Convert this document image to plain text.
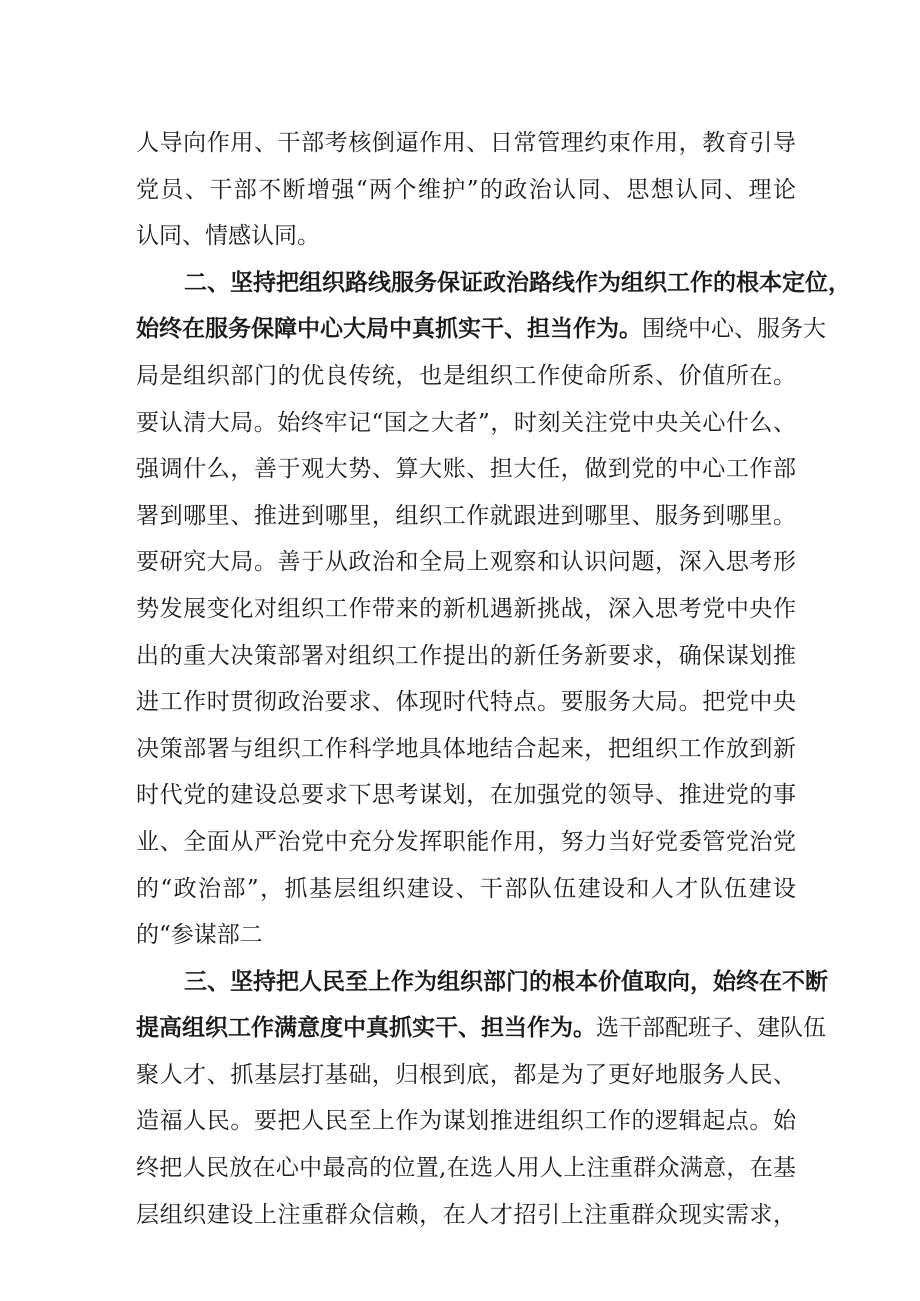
人导向作用、干部考核倒逼作用、日常管理约束作用，教育引导
党员、干部不断增强“两个维护”的政治认同、思想认同、理论
认同、情感认同。
二、坚持把组织路线服务保证政治路线作为组织工作的根本定位，
始终在服务保障中心大局中真抓实干、担当作为。围绕中心、服务大
局是组织部门的优良传统，也是组织工作使命所系、价值所在。
要认清大局。始终牢记“国之大者”，时刻关注党中央关心什么、
强调什么，善于观大势、算大账、担大任，做到党的中心工作部
署到哪里、推进到哪里，组织工作就跟进到哪里、服务到哪里。
要研究大局。善于从政治和全局上观察和认识问题，深入思考形
势发展变化对组织工作带来的新机遇新挑战，深入思考党中央作
出的重大决策部署对组织工作提出的新任务新要求，确保谋划推
进工作时贯彻政治要求、体现时代特点。要服务大局。把党中央
决策部署与组织工作科学地具体地结合起来，把组织工作放到新
时代党的建设总要求下思考谋划，在加强党的领导、推进党的事
业、全面从严治党中充分发挥职能作用，努力当好党委管党治党
的“政治部”，抓基层组织建设、干部队伍建设和人才队伍建设
的“参谋部二
三、坚持把人民至上作为组织部门的根本价值取向，始终在不断
提高组织工作满意度中真抓实干、担当作为。选干部配班子、建队伍
聚人才、抓基层打基础，归根到底，都是为了更好地服务人民、
造福人民。要把人民至上作为谋划推进组织工作的逻辑起点。始
终把人民放在心中最高的位置,在选人用人上注重群众满意，在基
层组织建设上注重群众信赖，在人才招引上注重群众现实需求，
